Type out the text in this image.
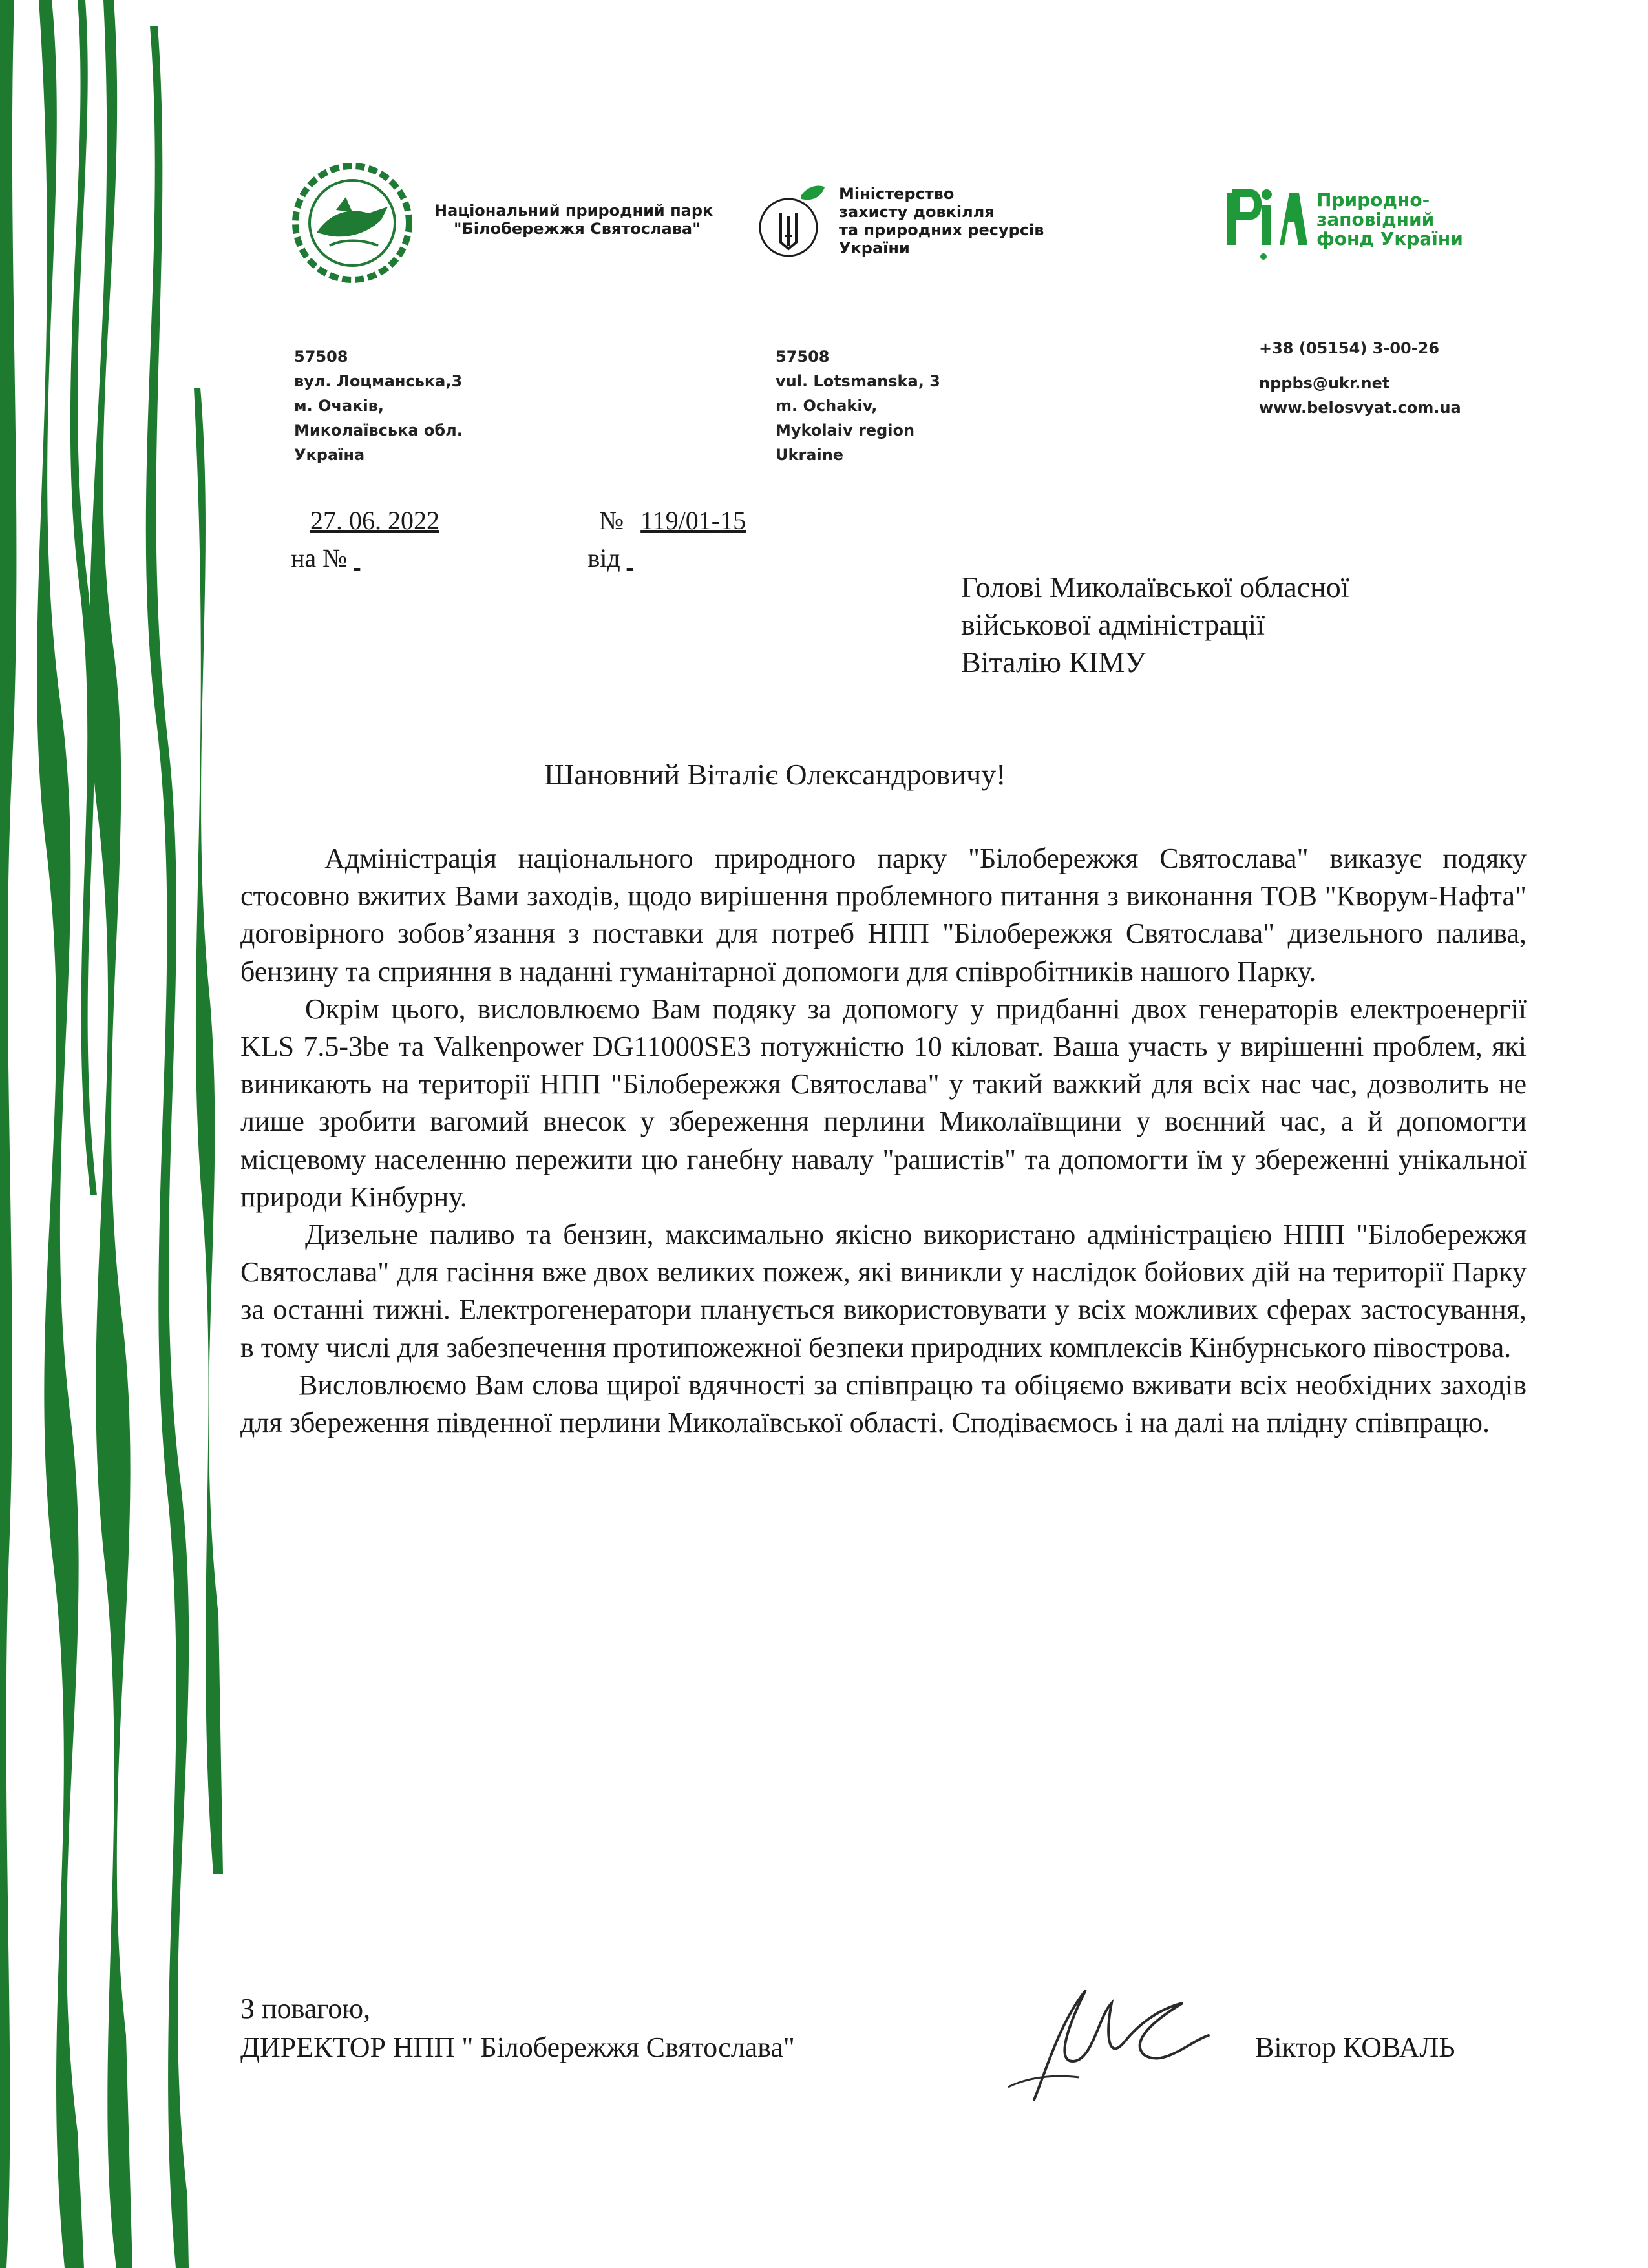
Національний природний парк
"Білобережжя Святослава"
Міністерство
захисту довкілля
та природних ресурсів
України
Природно-
заповідний
фонд України
57508
вул. Лоцманська,3
м. Очаків,
Миколаївська обл.
Україна
57508
vul. Lotsmanska, 3
m. Ochakiv,
Mykolaiv region
Ukraine
+38 (05154) 3-00-26
nppbs@ukr.net
www.belosvyat.com.ua
27. 06. 2022	№ 119/01-15
на №	від
Голові Миколаївської обласної
військової адміністрації
Віталію КІМУ
Шановний Віталіє Олександровичу!

Адміністрація національного природного парку "Білобережжя Святослава" виказує подяку стосовно вжитих Вами заходів, щодо вирішення проблемного питання з виконання ТОВ "Кворум-Нафта" договірного зобов’язання з поставки для потреб НПП "Білобережжя Святослава" дизельного палива, бензину та сприяння в наданні гуманітарної допомоги для співробітників нашого Парку.

Окрім цього, висловлюємо Вам подяку за допомогу у придбанні двох генераторів електроенергії KLS 7.5-3be та Valkenpower DG11000SE3 потужністю 10 кіловат. Ваша участь у вирішенні проблем, які виникають на території НПП "Білобережжя Святослава" у такий важкий для всіх нас час, дозволить не лише зробити вагомий внесок у збереження перлини Миколаївщини у воєнний час, а й допомогти місцевому населенню пережити цю ганебну навалу "рашистів" та допомогти їм у збереженні унікальної природи Кінбурну.

Дизельне паливо та бензин, максимально якісно використано адміністрацією НПП "Білобережжя Святослава" для гасіння вже двох великих пожеж, які виникли у наслідок бойових дій на території Парку за останні тижні. Електрогенератори планується використовувати у всіх можливих сферах застосування, в тому числі для забезпечення протипожежної безпеки природних комплексів Кінбурнського півострова.

Висловлюємо Вам слова щирої вдячності за співпрацю та обіцяємо вживати всіх необхідних заходів для збереження південної перлини Миколаївської області. Сподіваємось і на далі на плідну співпрацю.

З повагою,
ДИРЕКТОР НПП " Білобережжя Святослава"	Віктор КОВАЛЬ
